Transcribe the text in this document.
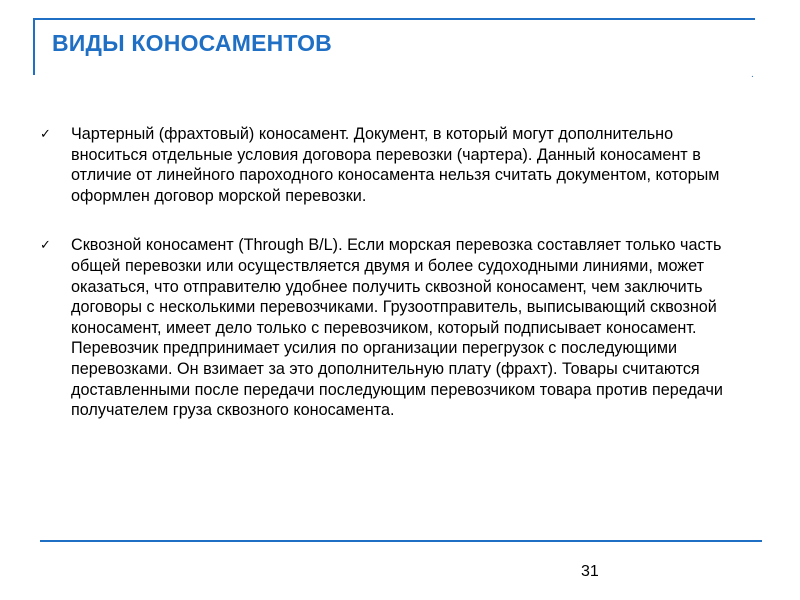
ВИДЫ КОНОСАМЕНТОВ
.
✓ Чартерный (фрахтовый) коносамент. Документ, в который могут дополнительно вноситься отдельные условия договора перевозки (чартера). Данный коносамент в отличие от линейного пароходного коносамента нельзя считать документом, которым оформлен договор морской перевозки.
✓ Сквозной коносамент (Through B/L). Если морская перевозка составляет только часть общей перевозки или осуществляется двумя и более судоходными линиями, может оказаться, что отправителю удобнее получить сквозной коносамент, чем заключить договоры с несколькими перевозчиками. Грузоотправитель, выписывающий сквозной коносамент, имеет дело только с перевозчиком, который подписывает коносамент. Перевозчик предпринимает усилия по организации перегрузок с последующими перевозками. Он взимает за это дополнительную плату (фрахт). Товары считаются доставленными после передачи последующим перевозчиком товара против передачи получателем груза сквозного коносамента.
31
